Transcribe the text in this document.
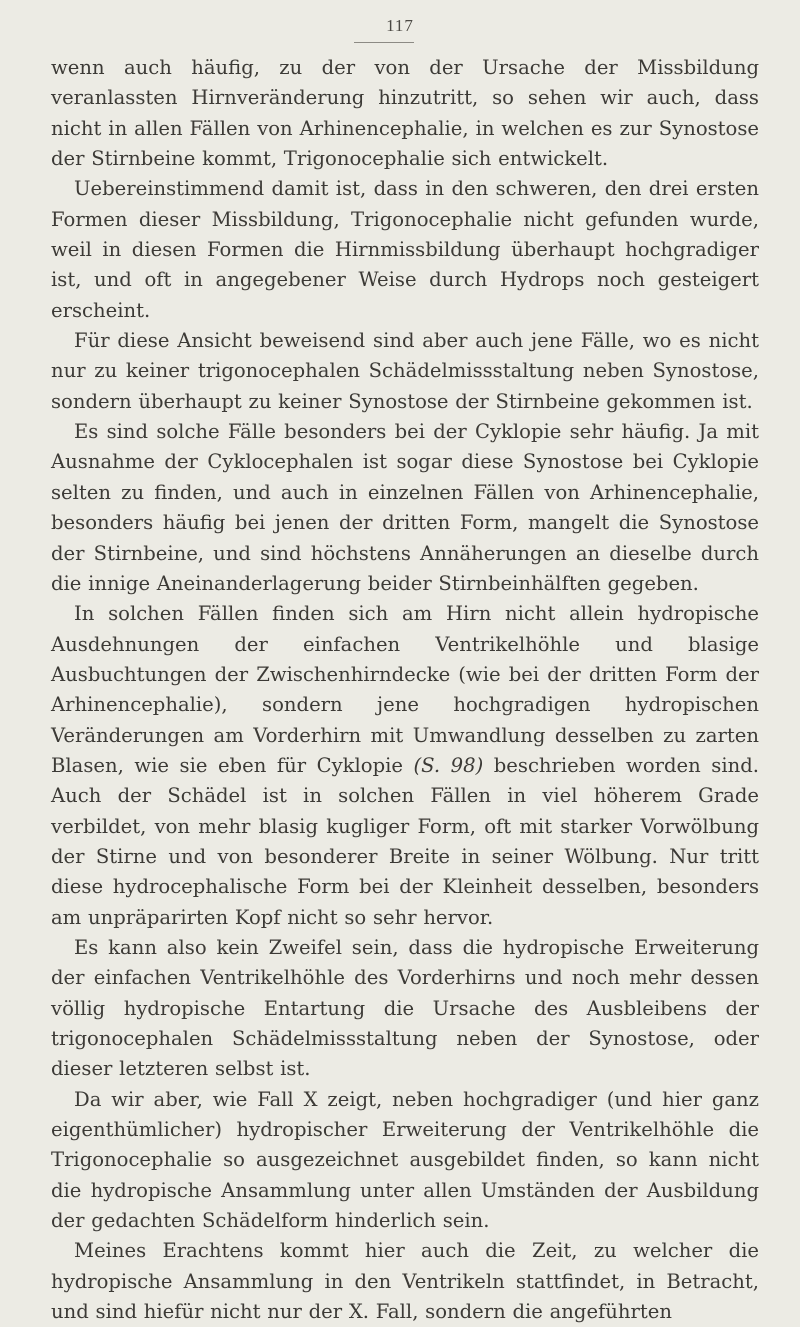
117

wenn auch häufig, zu der von der Ursache der Missbildung veranlassten Hirnveränderung hinzutritt, so sehen wir auch, dass nicht in allen Fällen von Arhinencephalie, in welchen es zur Synostose der Stirnbeine kommt, Trigonocephalie sich entwickelt.

Uebereinstimmend damit ist, dass in den schweren, den drei ersten Formen dieser Missbildung, Trigonocephalie nicht gefunden wurde, weil in diesen Formen die Hirnmissbildung überhaupt hochgradiger ist, und oft in angegebener Weise durch Hydrops noch gesteigert erscheint.

Für diese Ansicht beweisend sind aber auch jene Fälle, wo es nicht nur zu keiner trigonocephalen Schädelmissstaltung neben Synostose, sondern überhaupt zu keiner Synostose der Stirnbeine gekommen ist.

Es sind solche Fälle besonders bei der Cyklopie sehr häufig. Ja mit Ausnahme der Cyklocephalen ist sogar diese Synostose bei Cyklopie selten zu finden, und auch in einzelnen Fällen von Arhinencephalie, besonders häufig bei jenen der dritten Form, mangelt die Synostose der Stirnbeine, und sind höchstens Annäherungen an dieselbe durch die innige Aneinanderlagerung beider Stirnbeinhälften gegeben.

In solchen Fällen finden sich am Hirn nicht allein hydropische Ausdehnungen der einfachen Ventrikelhöhle und blasige Ausbuchtungen der Zwischenhirndecke (wie bei der dritten Form der Arhinencephalie), sondern jene hochgradigen hydropischen Veränderungen am Vorderhirn mit Umwandlung desselben zu zarten Blasen, wie sie eben für Cyklopie (S. 98) beschrieben worden sind. Auch der Schädel ist in solchen Fällen in viel höherem Grade verbildet, von mehr blasig kugliger Form, oft mit starker Vorwölbung der Stirne und von besonderer Breite in seiner Wölbung. Nur tritt diese hydrocephalische Form bei der Kleinheit desselben, besonders am unpräparirten Kopf nicht so sehr hervor.

Es kann also kein Zweifel sein, dass die hydropische Erweiterung der einfachen Ventrikelhöhle des Vorderhirns und noch mehr dessen völlig hydropische Entartung die Ursache des Ausbleibens der trigonocephalen Schädelmissstaltung neben der Synostose, oder dieser letzteren selbst ist.

Da wir aber, wie Fall X zeigt, neben hochgradiger (und hier ganz eigenthümlicher) hydropischer Erweiterung der Ventrikelhöhle die Trigonocephalie so ausgezeichnet ausgebildet finden, so kann nicht die hydropische Ansammlung unter allen Umständen der Ausbildung der gedachten Schädelform hinderlich sein.

Meines Erachtens kommt hier auch die Zeit, zu welcher die hydropische Ansammlung in den Ventrikeln stattfindet, in Betracht, und sind hiefür nicht nur der X. Fall, sondern die angeführten
